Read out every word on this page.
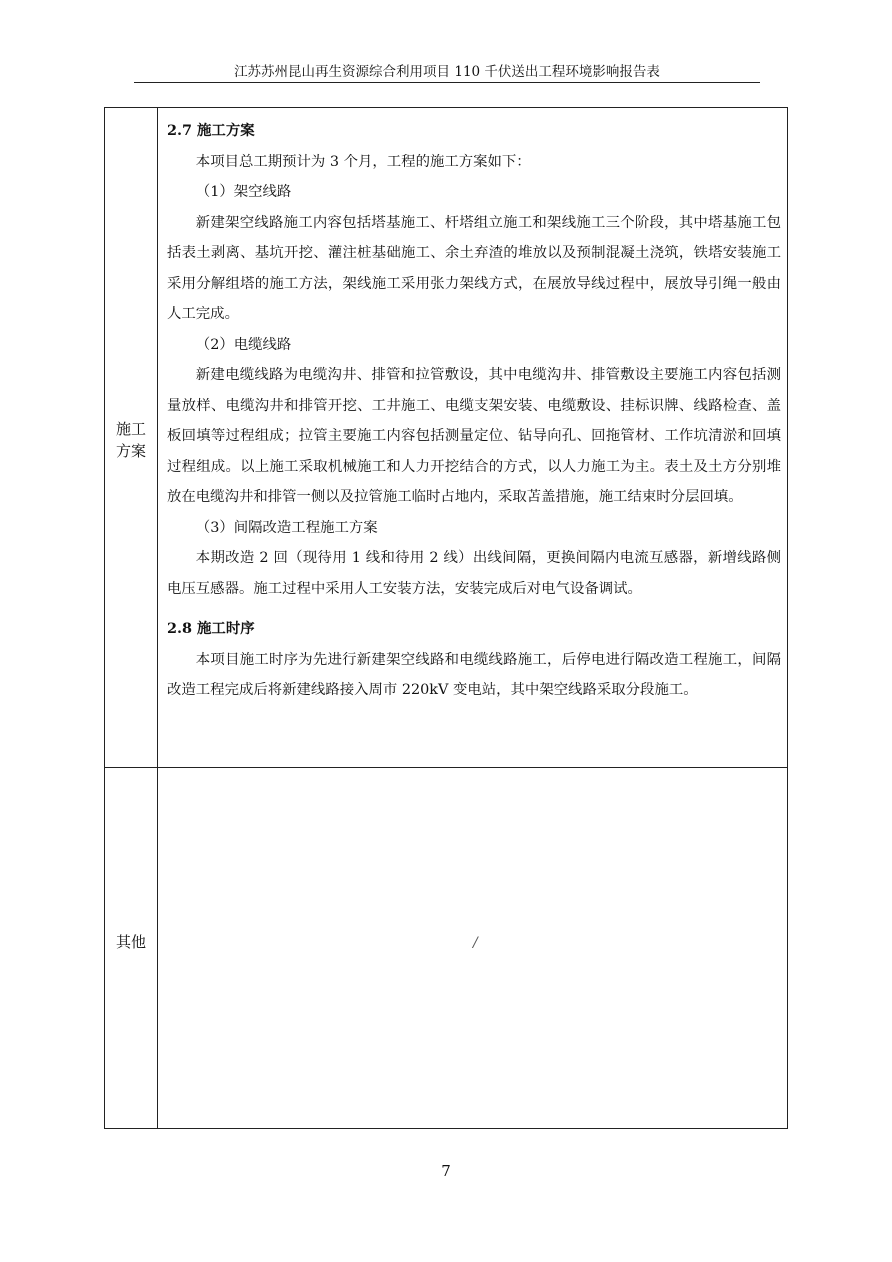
江苏苏州昆山再生资源综合利用项目 110 千伏送出工程环境影响报告表
施工
方案

2.7 施工方案

本项目总工期预计为 3 个月，工程的施工方案如下：

（1）架空线路

新建架空线路施工内容包括塔基施工、杆塔组立施工和架线施工三个阶段，其中塔基施工包括表土剥离、基坑开挖、灌注桩基础施工、余土弃渣的堆放以及预制混凝土浇筑，铁塔安装施工采用分解组塔的施工方法，架线施工采用张力架线方式，在展放导线过程中，展放导引绳一般由人工完成。

（2）电缆线路

新建电缆线路为电缆沟井、排管和拉管敷设，其中电缆沟井、排管敷设主要施工内容包括测量放样、电缆沟井和排管开挖、工井施工、电缆支架安装、电缆敷设、挂标识牌、线路检查、盖板回填等过程组成；拉管主要施工内容包括测量定位、钻导向孔、回拖管材、工作坑清淤和回填过程组成。以上施工采取机械施工和人力开挖结合的方式，以人力施工为主。表土及土方分别堆放在电缆沟井和排管一侧以及拉管施工临时占地内，采取苫盖措施，施工结束时分层回填。

（3）间隔改造工程施工方案

本期改造 2 回（现待用 1 线和待用 2 线）出线间隔，更换间隔内电流互感器，新增线路侧电压互感器。施工过程中采用人工安装方法，安装完成后对电气设备调试。

2.8 施工时序

本项目施工时序为先进行新建架空线路和电缆线路施工，后停电进行隔改造工程施工，间隔改造工程完成后将新建线路接入周市 220kV 变电站，其中架空线路采取分段施工。

其他	/
7
